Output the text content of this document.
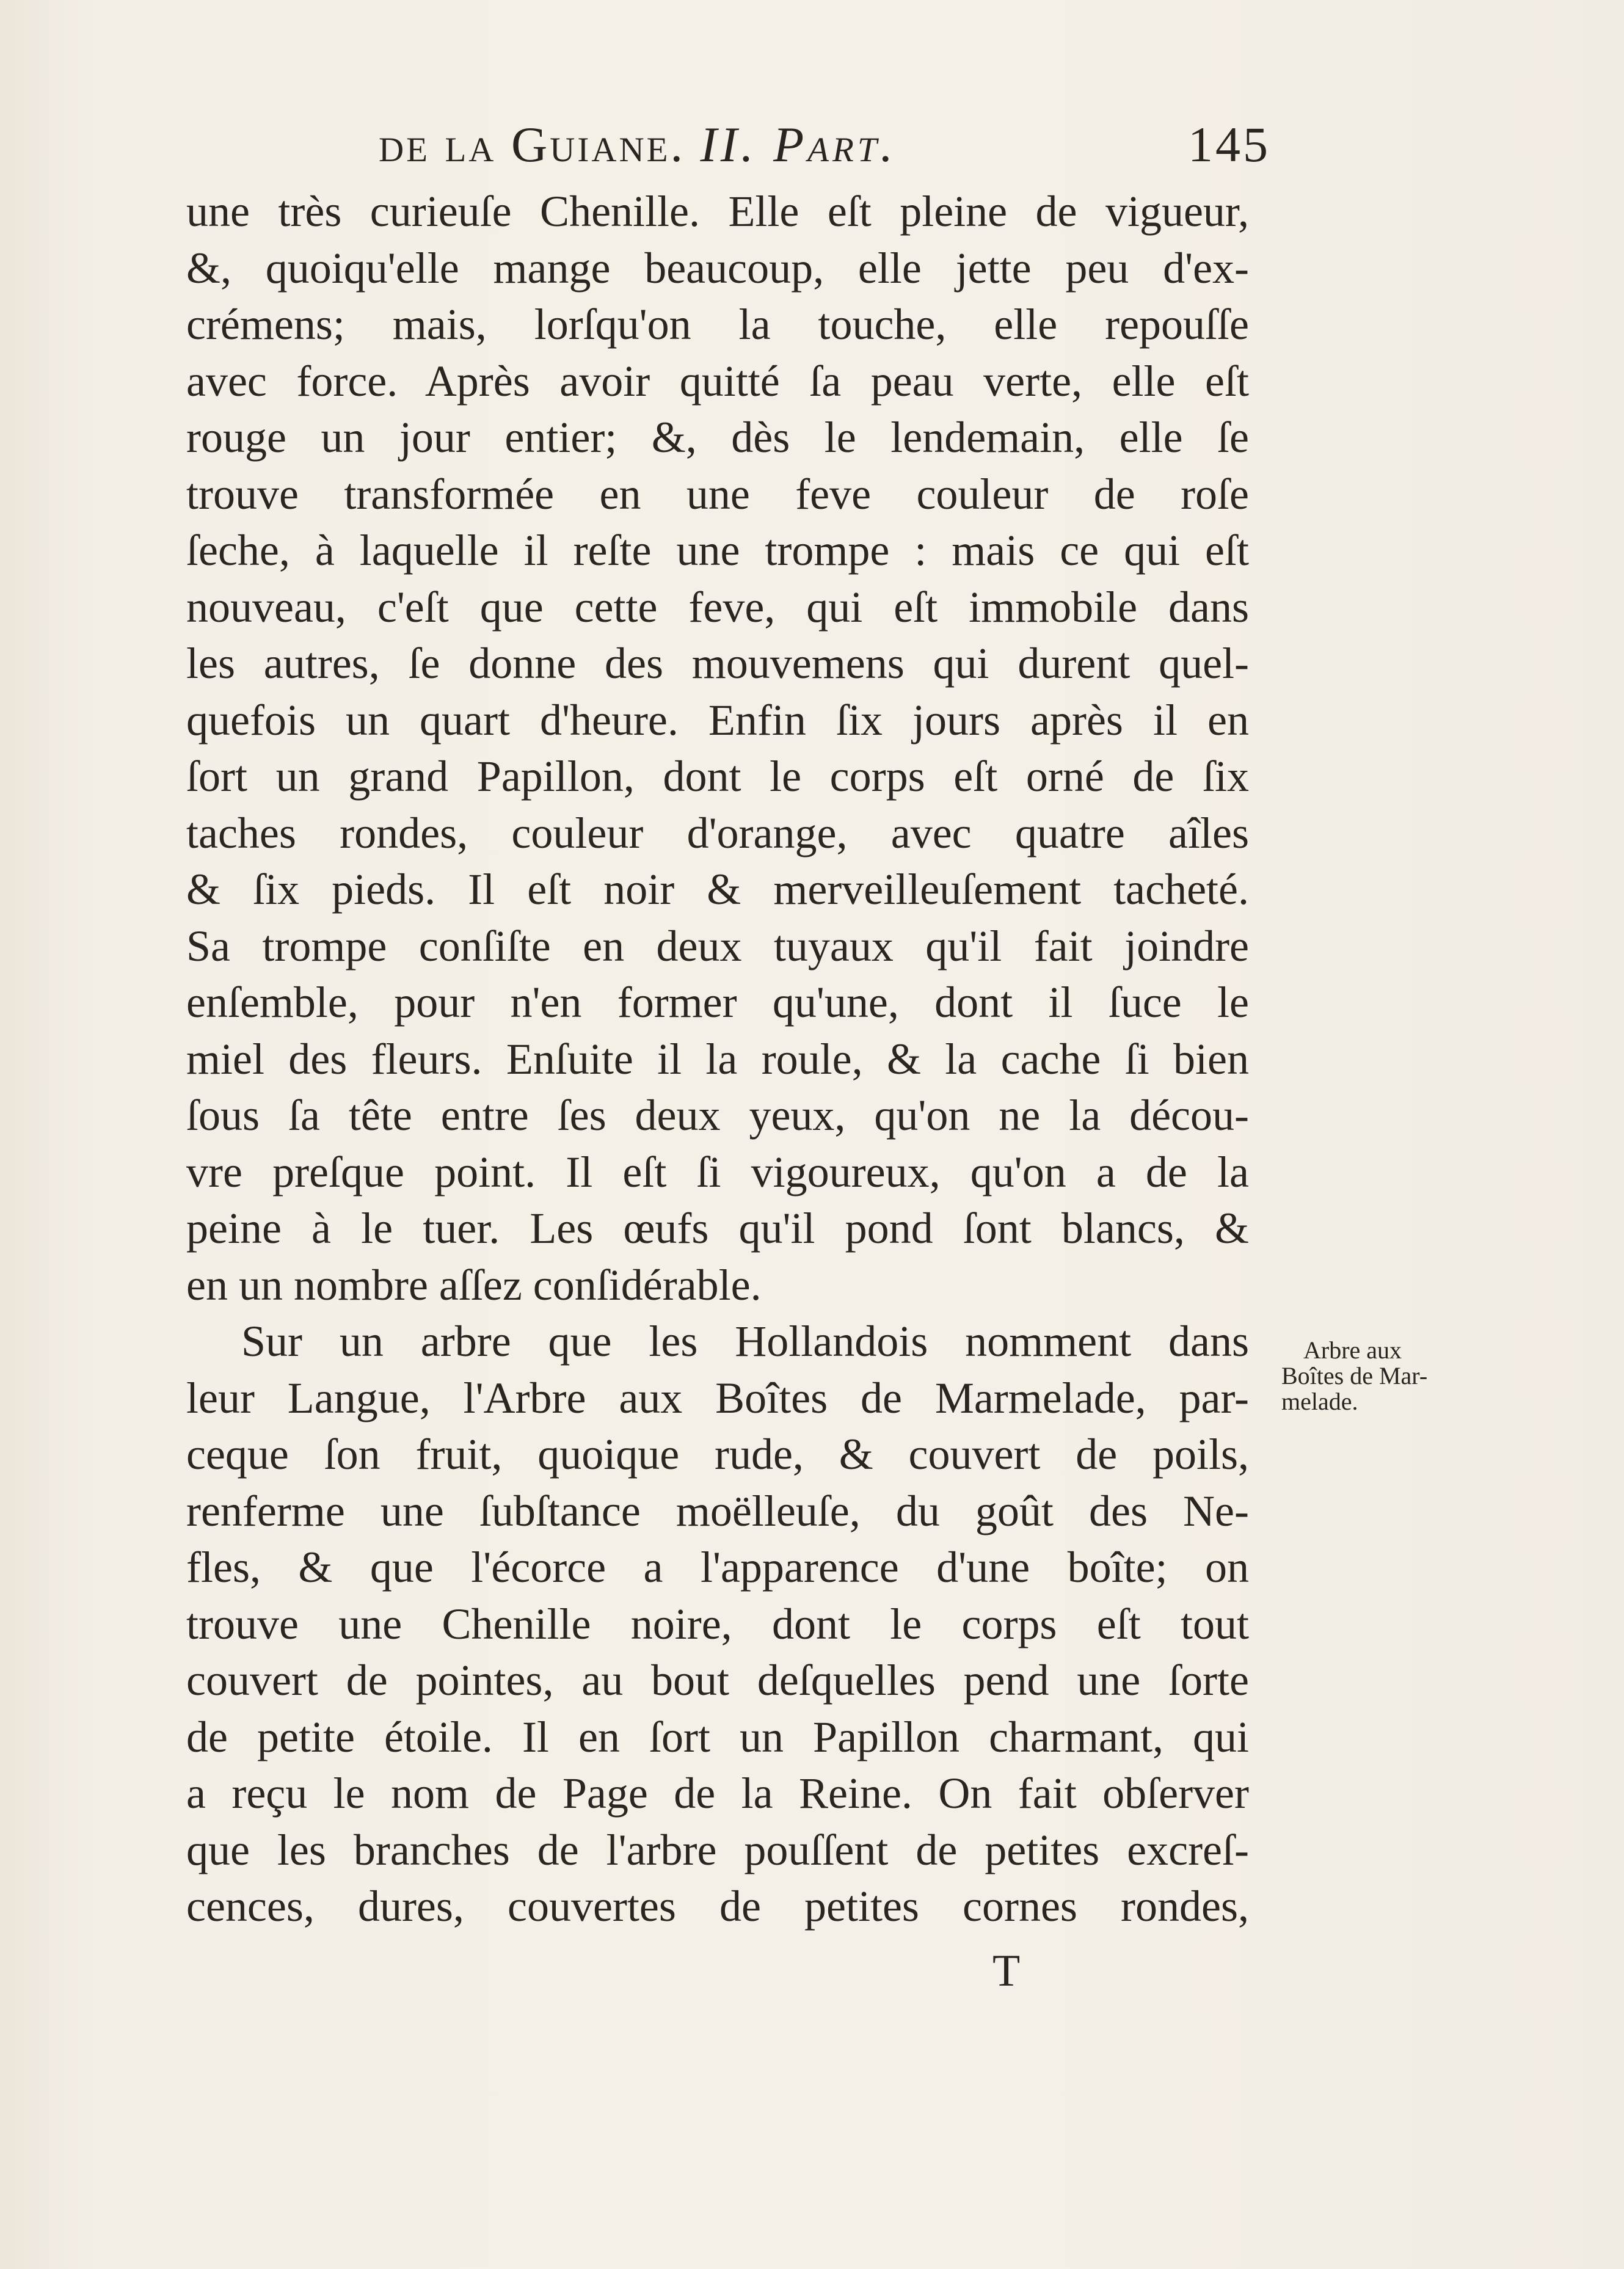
de la Guiane. II. Part.	145
une très curieuſe Chenille. Elle eſt pleine de vigueur,
&, quoiqu'elle mange beaucoup, elle jette peu d'ex-
crémens; mais, lorſqu'on la touche, elle repouſſe
avec force. Après avoir quitté ſa peau verte, elle eſt
rouge un jour entier; &, dès le lendemain, elle ſe
trouve transformée en une feve couleur de roſe
ſeche, à laquelle il reſte une trompe : mais ce qui eſt
nouveau, c'eſt que cette feve, qui eſt immobile dans
les autres, ſe donne des mouvemens qui durent quel-
quefois un quart d'heure. Enfin ſix jours après il en
ſort un grand Papillon, dont le corps eſt orné de ſix
taches rondes, couleur d'orange, avec quatre aîles
& ſix pieds. Il eſt noir & merveilleuſement tacheté.
Sa trompe conſiſte en deux tuyaux qu'il fait joindre
enſemble, pour n'en former qu'une, dont il ſuce le
miel des fleurs. Enſuite il la roule, & la cache ſi bien
ſous ſa tête entre ſes deux yeux, qu'on ne la décou-
vre preſque point. Il eſt ſi vigoureux, qu'on a de la
peine à le tuer. Les œufs qu'il pond ſont blancs, &
en un nombre aſſez conſidérable.
Sur un arbre que les Hollandois nomment dans
leur Langue, l'Arbre aux Boîtes de Marmelade, par-
ceque ſon fruit, quoique rude, & couvert de poils,
renferme une ſubſtance moëlleuſe, du goût des Ne-
fles, & que l'écorce a l'apparence d'une boîte; on
trouve une Chenille noire, dont le corps eſt tout
couvert de pointes, au bout deſquelles pend une ſorte
de petite étoile. Il en ſort un Papillon charmant, qui
a reçu le nom de Page de la Reine. On fait obſerver
que les branches de l'arbre pouſſent de petites excreſ-
cences, dures, couvertes de petites cornes rondes,
Arbre aux
Boîtes de Mar-
melade.
T
